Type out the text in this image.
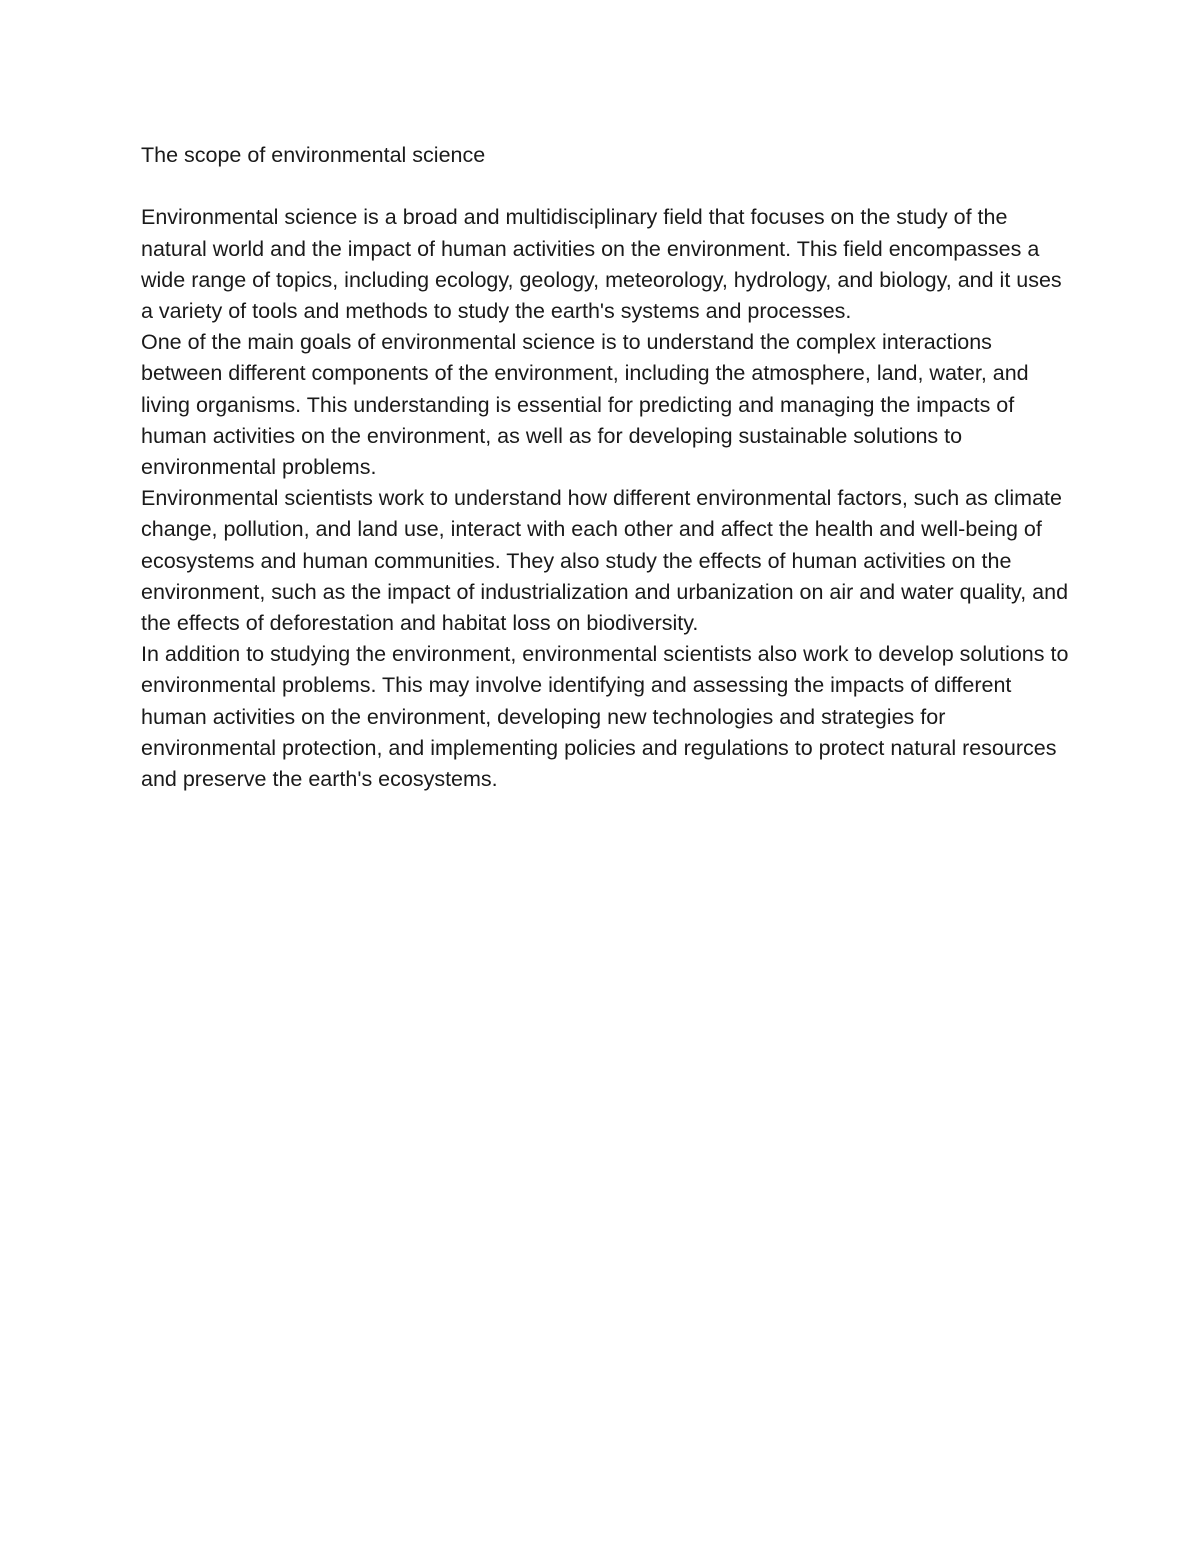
The scope of environmental science

Environmental science is a broad and multidisciplinary field that focuses on the study of the natural world and the impact of human activities on the environment. This field encompasses a wide range of topics, including ecology, geology, meteorology, hydrology, and biology, and it uses a variety of tools and methods to study the earth's systems and processes.

One of the main goals of environmental science is to understand the complex interactions between different components of the environment, including the atmosphere, land, water, and living organisms. This understanding is essential for predicting and managing the impacts of human activities on the environment, as well as for developing sustainable solutions to environmental problems.

Environmental scientists work to understand how different environmental factors, such as climate change, pollution, and land use, interact with each other and affect the health and well-being of ecosystems and human communities. They also study the effects of human activities on the environment, such as the impact of industrialization and urbanization on air and water quality, and the effects of deforestation and habitat loss on biodiversity.

In addition to studying the environment, environmental scientists also work to develop solutions to environmental problems. This may involve identifying and assessing the impacts of different human activities on the environment, developing new technologies and strategies for environmental protection, and implementing policies and regulations to protect natural resources and preserve the earth's ecosystems.
